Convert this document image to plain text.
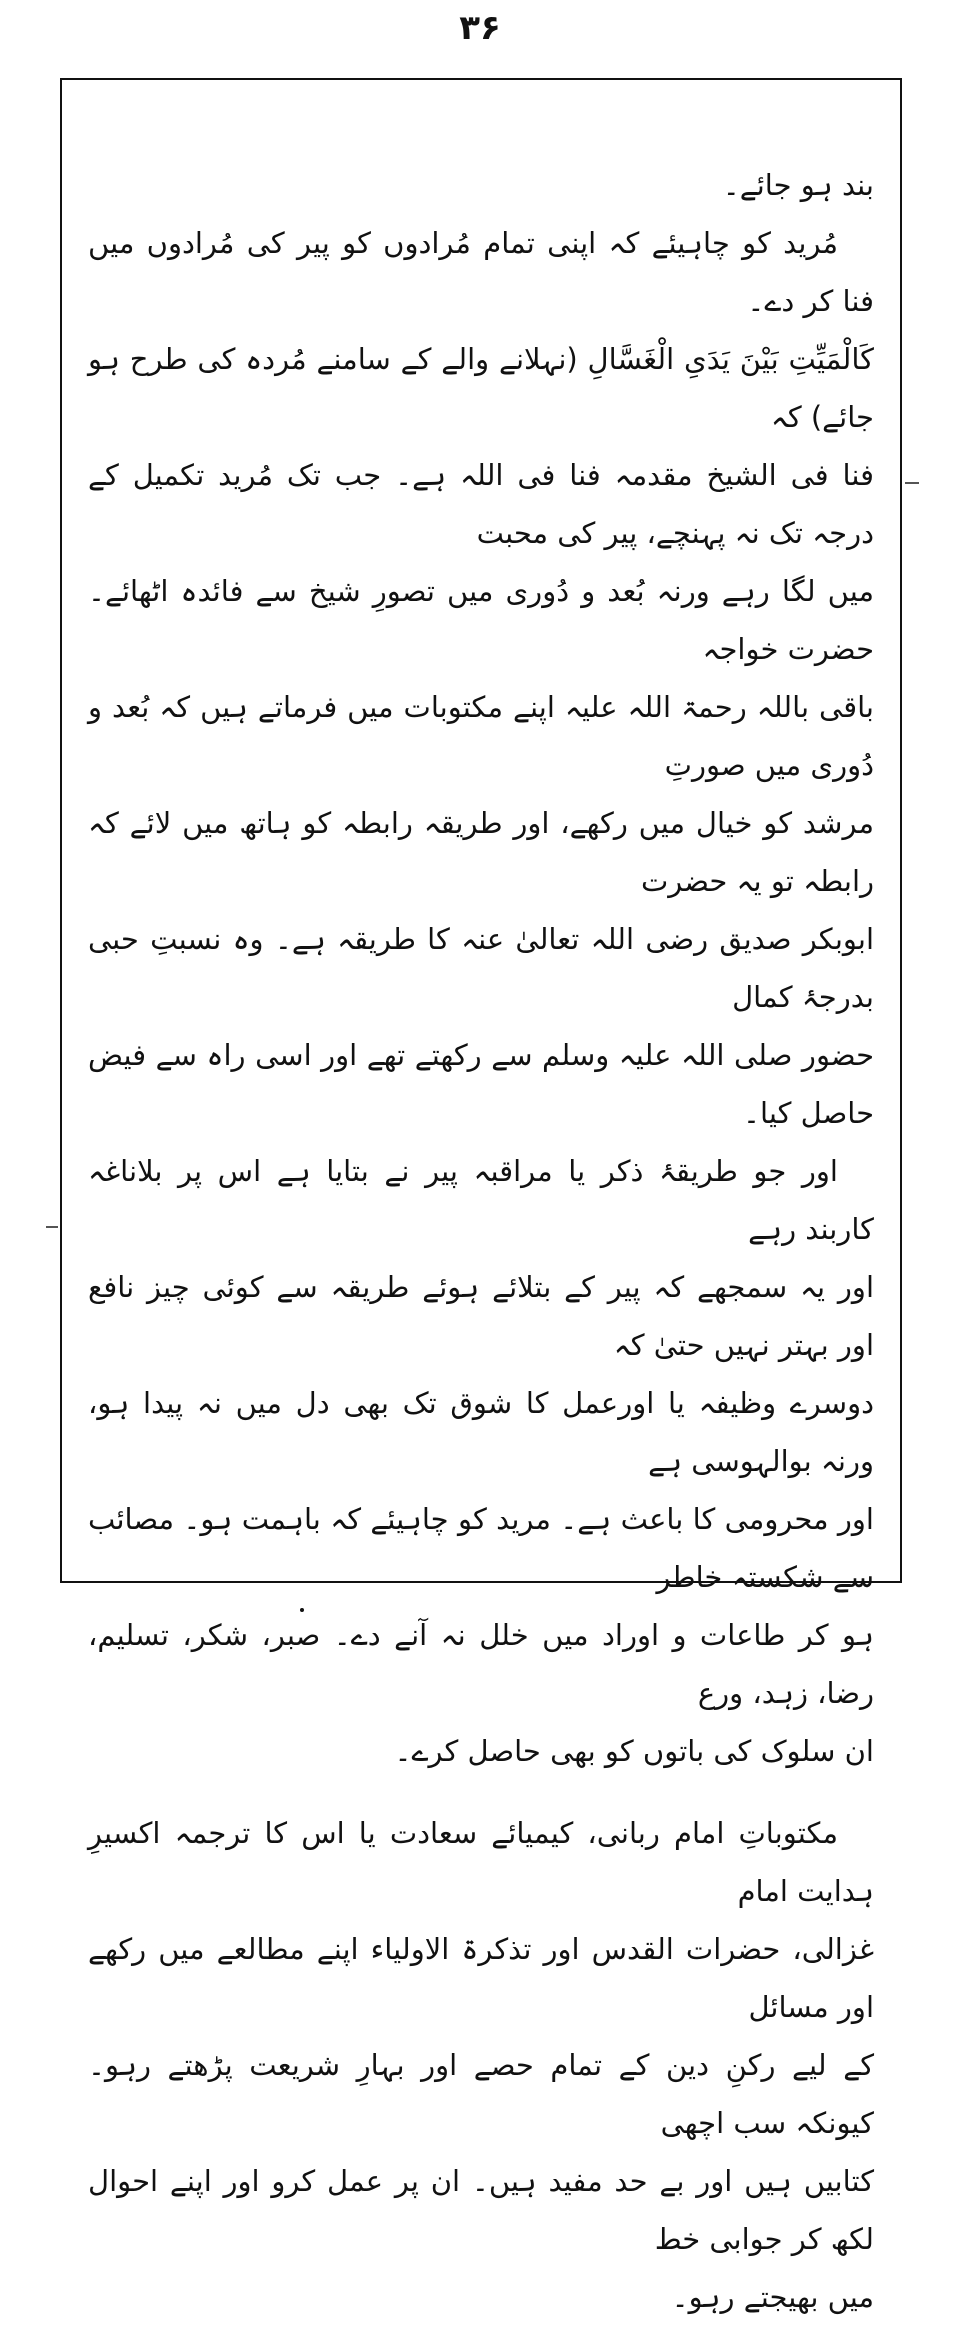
۳۶

بند ہو جائے۔

مُرید کو چاہیئے کہ اپنی تمام مُرادوں کو پیر کی مُرادوں میں فنا کر دے۔
کَالْمَیِّتِ بَیْنَ یَدَیِ الْغَسَّالِ (نہلانے والے کے سامنے مُردہ کی طرح ہو جائے) کہ
فنا فی الشیخ مقدمہ فنا فی اللہ ہے۔ جب تک مُرید تکمیل کے درجہ تک نہ پہنچے، پیر کی محبت
میں لگا رہے ورنہ بُعد و دُوری میں تصورِ شیخ سے فائدہ اٹھائے۔ حضرت خواجہ
باقی باللہ رحمۃ اللہ علیہ اپنے مکتوبات میں فرماتے ہیں کہ بُعد و دُوری میں صورتِ
مرشد کو خیال میں رکھے، اور طریقہ رابطہ کو ہاتھ میں لائے کہ رابطہ تو یہ حضرت
ابوبکر صدیق رضی اللہ تعالیٰ عنہ کا طریقہ ہے۔ وہ نسبتِ حبی بدرجۂ کمال
حضور صلی اللہ علیہ وسلم سے رکھتے تھے اور اسی راہ سے فیض حاصل کیا۔

اور جو طریقۂ ذکر یا مراقبہ پیر نے بتایا ہے اس پر بلاناغہ کاربند رہے
اور یہ سمجھے کہ پیر کے بتلائے ہوئے طریقہ سے کوئی چیز نافع اور بہتر نہیں حتیٰ کہ
دوسرے وظیفہ یا اورعمل کا شوق تک بھی دل میں نہ پیدا ہو، ورنہ بوالہوسی ہے
اور محرومی کا باعث ہے۔ مرید کو چاہیئے کہ باہمت ہو۔ مصائب سے شکستہ خاطر
ہو کر طاعات و اوراد میں خلل نہ آنے دے۔ صبر، شکر، تسلیم، رضا، زہد، ورع
ان سلوک کی باتوں کو بھی حاصل کرے۔

مکتوباتِ امام ربانی، کیمیائے سعادت یا اس کا ترجمہ اکسیرِ ہدایت امام
غزالی، حضرات القدس اور تذکرۃ الاولیاء اپنے مطالعے میں رکھے اور مسائل
کے لیے رکنِ دین کے تمام حصے اور بہارِ شریعت پڑھتے رہو۔ کیونکہ سب اچھی
کتابیں ہیں اور بے حد مفید ہیں۔ ان پر عمل کرو اور اپنے احوال لکھ کر جوابی خط
میں بھیجتے رہو۔
